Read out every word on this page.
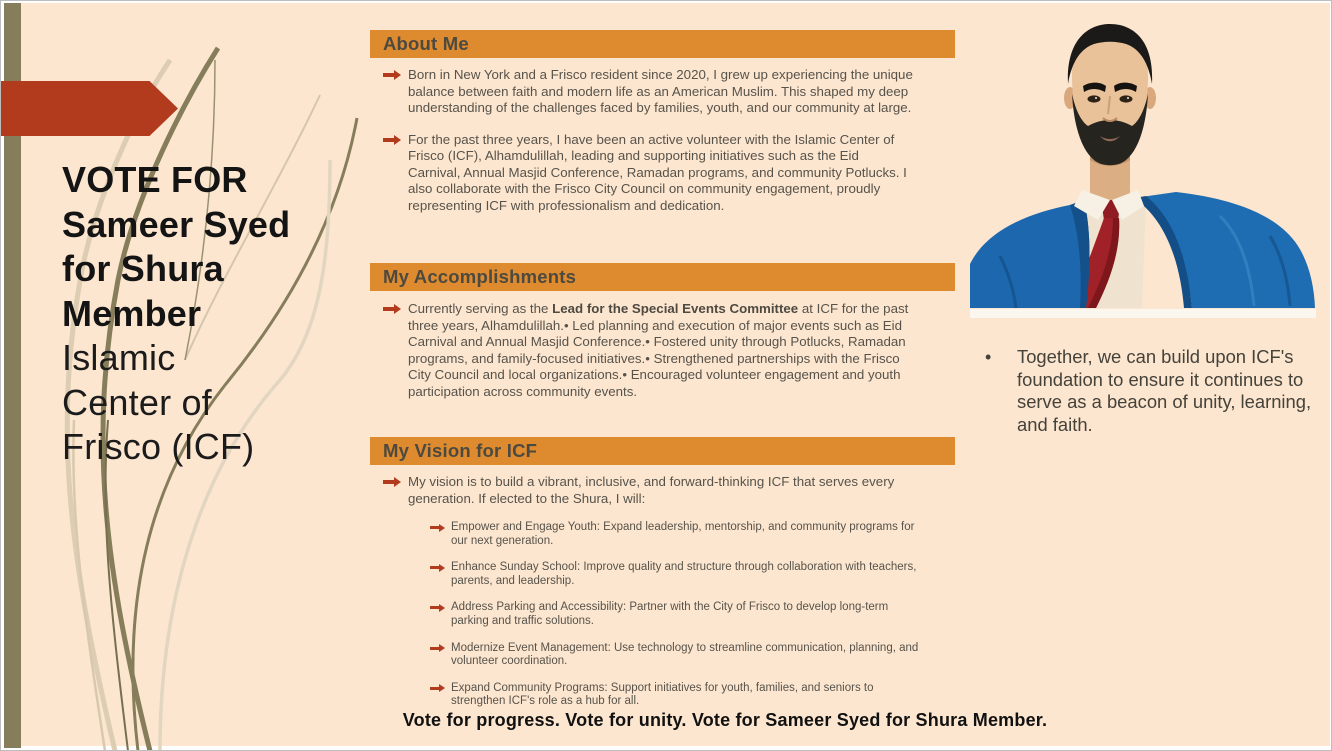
VOTE FOR
Sameer Syed
for Shura
Member
Islamic
Center of
Frisco (ICF)
About Me
Born in New York and a Frisco resident since 2020, I grew up experiencing the unique balance between faith and modern life as an American Muslim. This shaped my deep understanding of the challenges faced by families, youth, and our community at large.
For the past three years, I have been an active volunteer with the Islamic Center of Frisco (ICF), Alhamdulillah, leading and supporting initiatives such as the Eid Carnival, Annual Masjid Conference, Ramadan programs, and community Potlucks. I also collaborate with the Frisco City Council on community engagement, proudly representing ICF with professionalism and dedication.
My Accomplishments
Currently serving as the Lead for the Special Events Committee at ICF for the past three years, Alhamdulillah.• Led planning and execution of major events such as Eid Carnival and Annual Masjid Conference.• Fostered unity through Potlucks, Ramadan programs, and family-focused initiatives.• Strengthened partnerships with the Frisco City Council and local organizations.• Encouraged volunteer engagement and youth participation across community events.
My Vision for ICF
My vision is to build a vibrant, inclusive, and forward-thinking ICF that serves every generation. If elected to the Shura, I will:
Empower and Engage Youth: Expand leadership, mentorship, and community programs for our next generation.
Enhance Sunday School: Improve quality and structure through collaboration with teachers, parents, and leadership.
Address Parking and Accessibility: Partner with the City of Frisco to develop long-term parking and traffic solutions.
Modernize Event Management: Use technology to streamline communication, planning, and volunteer coordination.
Expand Community Programs: Support initiatives for youth, families, and seniors to strengthen ICF's role as a hub for all.
•	Together, we can build upon ICF's foundation to ensure it continues to serve as a beacon of unity, learning, and faith.
Vote for progress. Vote for unity. Vote for Sameer Syed for Shura Member.
